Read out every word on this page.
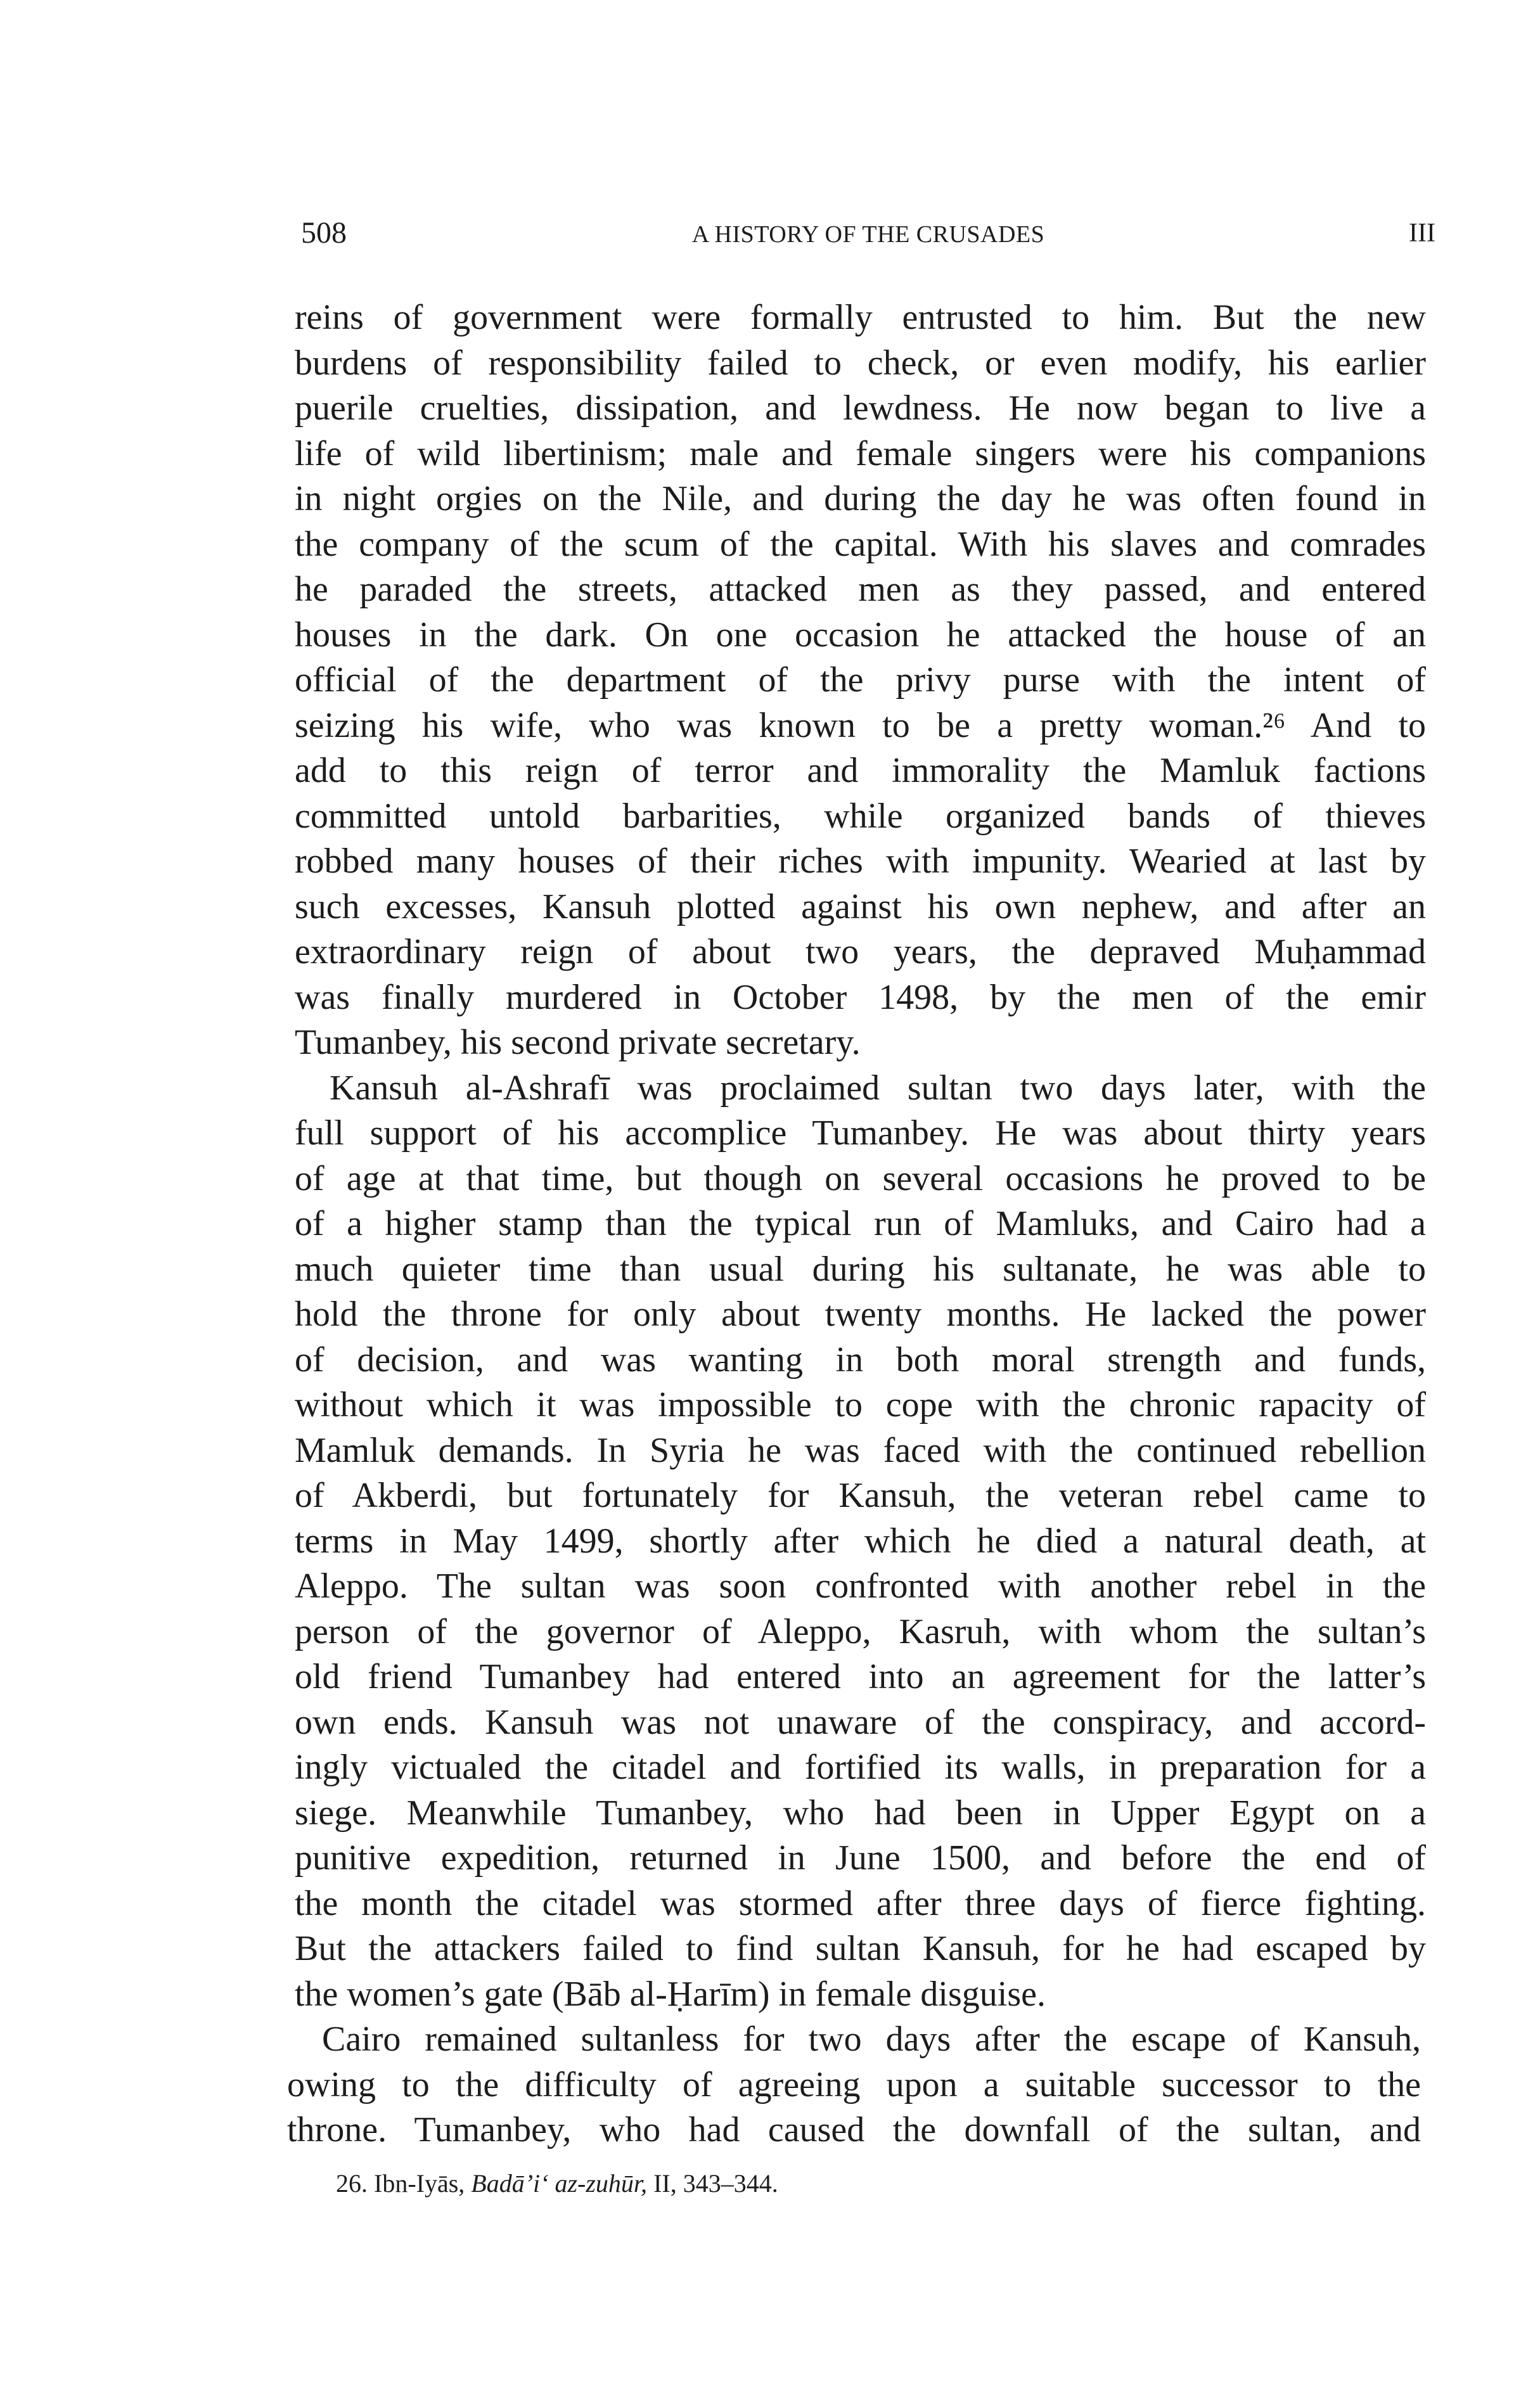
508	A HISTORY OF THE CRUSADES	III
reins of government were formally entrusted to him. But the new
burdens of responsibility failed to check, or even modify, his earlier
puerile cruelties, dissipation, and lewdness. He now began to live a
life of wild libertinism; male and female singers were his companions
in night orgies on the Nile, and during the day he was often found in
the company of the scum of the capital. With his slaves and comrades
he paraded the streets, attacked men as they passed, and entered
houses in the dark. On one occasion he attacked the house of an
official of the department of the privy purse with the intent of
seizing his wife, who was known to be a pretty woman.²⁶ And to
add to this reign of terror and immorality the Mamluk factions
committed untold barbarities, while organized bands of thieves
robbed many houses of their riches with impunity. Wearied at last by
such excesses, Kansuh plotted against his own nephew, and after an
extraordinary reign of about two years, the depraved Muḥammad
was finally murdered in October 1498, by the men of the emir
Tumanbey, his second private secretary.
Kansuh al-Ashrafī was proclaimed sultan two days later, with the
full support of his accomplice Tumanbey. He was about thirty years
of age at that time, but though on several occasions he proved to be
of a higher stamp than the typical run of Mamluks, and Cairo had a
much quieter time than usual during his sultanate, he was able to
hold the throne for only about twenty months. He lacked the power
of decision, and was wanting in both moral strength and funds,
without which it was impossible to cope with the chronic rapacity of
Mamluk demands. In Syria he was faced with the continued rebellion
of Akberdi, but fortunately for Kansuh, the veteran rebel came to
terms in May 1499, shortly after which he died a natural death, at
Aleppo. The sultan was soon confronted with another rebel in the
person of the governor of Aleppo, Kasruh, with whom the sultan’s
old friend Tumanbey had entered into an agreement for the latter’s
own ends. Kansuh was not unaware of the conspiracy, and accord-
ingly victualed the citadel and fortified its walls, in preparation for a
siege. Meanwhile Tumanbey, who had been in Upper Egypt on a
punitive expedition, returned in June 1500, and before the end of
the month the citadel was stormed after three days of fierce fighting.
But the attackers failed to find sultan Kansuh, for he had escaped by
the women’s gate (Bāb al-Ḥarīm) in female disguise.
Cairo remained sultanless for two days after the escape of Kansuh,
owing to the difficulty of agreeing upon a suitable successor to the
throne. Tumanbey, who had caused the downfall of the sultan, and
26. Ibn-Iyās, Badā’i‘ az-zuhūr, II, 343–344.
